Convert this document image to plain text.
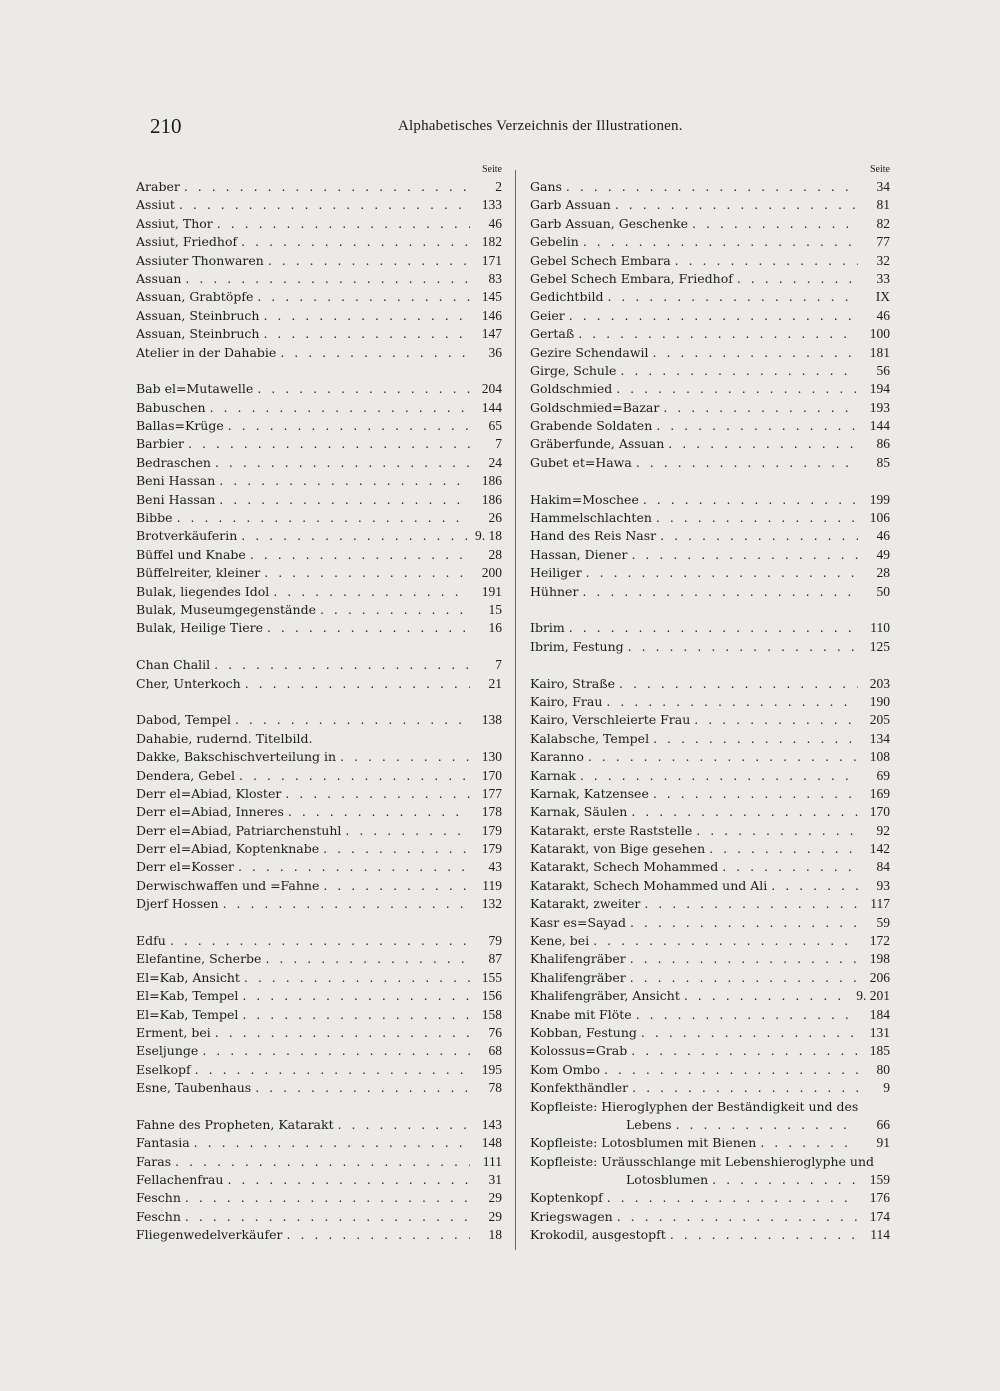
210	Alphabetisches Verzeichnis der Illustrationen.
Seite
Araber . . .	2
Assiut . . .	133
Assiut, Thor . . .	46
Assiut, Friedhof . . .	182
Assiuter Thonwaren . . .	171
Assuan . . .	83
Assuan, Grabtöpfe . . .	145
Assuan, Steinbruch . . .	146
Assuan, Steinbruch . . .	147
Atelier in der Dahabie . . .	36
Bab el=Mutawelle . . .	204
Babuschen . . .	144
Ballas=Krüge . . .	65
Barbier . . .	7
Bedraschen . . .	24
Beni Hassan . . .	186
Beni Hassan . . .	186
Bibbe . . .	26
Brotverkäuferin . . .	9. 18
Büffel und Knabe . . .	28
Büffelreiter, kleiner . . .	200
Bulak, liegendes Idol . . .	191
Bulak, Museumgegenstände . . .	15
Bulak, Heilige Tiere . . .	16
Chan Chalil . . .	7
Cher, Unterkoch . . .	21
Dabod, Tempel . . .	138
Dahabie, rudernd. Titelbild.
Dakke, Bakschischverteilung in . . .	130
Dendera, Gebel . . .	170
Derr el=Abiad, Kloster . . .	177
Derr el=Abiad, Inneres . . .	178
Derr el=Abiad, Patriarchenstuhl . . .	179
Derr el=Abiad, Koptenknabe . . .	179
Derr el=Kosser . . .	43
Derwischwaffen und =Fahne . . .	119
Djerf Hossen . . .	132
Edfu . . .	79
Elefantine, Scherbe . . .	87
El=Kab, Ansicht . . .	155
El=Kab, Tempel . . .	156
El=Kab, Tempel . . .	158
Erment, bei . . .	76
Eseljunge . . .	68
Eselkopf . . .	195
Esne, Taubenhaus . . .	78
Fahne des Propheten, Katarakt . . .	143
Fantasia . . .	148
Faras . . .	111
Fellachenfrau . . .	31
Feschn . . .	29
Feschn . . .	29
Fliegenwedelverkäufer . . .	18
Seite
Gans . . .	34
Garb Assuan . . .	81
Garb Assuan, Geschenke . . .	82
Gebelin . . .	77
Gebel Schech Embara . . .	32
Gebel Schech Embara, Friedhof . . .	33
Gedichtbild . . .	IX
Geier . . .	46
Gertaß . . .	100
Gezire Schendawil . . .	181
Girge, Schule . . .	56
Goldschmied . . .	194
Goldschmied=Bazar . . .	193
Grabende Soldaten . . .	144
Gräberfunde, Assuan . . .	86
Gubet et=Hawa . . .	85
Hakim=Moschee . . .	199
Hammelschlachten . . .	106
Hand des Reis Nasr . . .	46
Hassan, Diener . . .	49
Heiliger . . .	28
Hühner . . .	50
Ibrim . . .	110
Ibrim, Festung . . .	125
Kairo, Straße . . .	203
Kairo, Frau . . .	190
Kairo, Verschleierte Frau . . .	205
Kalabsche, Tempel . . .	134
Karanno . . .	108
Karnak . . .	69
Karnak, Katzensee . . .	169
Karnak, Säulen . . .	170
Katarakt, erste Raststelle . . .	92
Katarakt, von Bige gesehen . . .	142
Katarakt, Schech Mohammed . . .	84
Katarakt, Schech Mohammed und Ali . . .	93
Katarakt, zweiter . . .	117
Kasr es=Sayad . . .	59
Kene, bei . . .	172
Khalifengräber . . .	198
Khalifengräber . . .	206
Khalifengräber, Ansicht . . .	9. 201
Knabe mit Flöte . . .	184
Kobban, Festung . . .	131
Kolossus=Grab . . .	185
Kom Ombo . . .	80
Konfekthändler . . .	9
Kopfleiste: Hieroglyphen der Beständigkeit und des
Lebens . . .	66
Kopfleiste: Lotosblumen mit Bienen . . .	91
Kopfleiste: Uräusschlange mit Lebenshieroglyphe und
Lotosblumen . . .	159
Koptenkopf . . .	176
Kriegswagen . . .	174
Krokodil, ausgestopft . . .	114
